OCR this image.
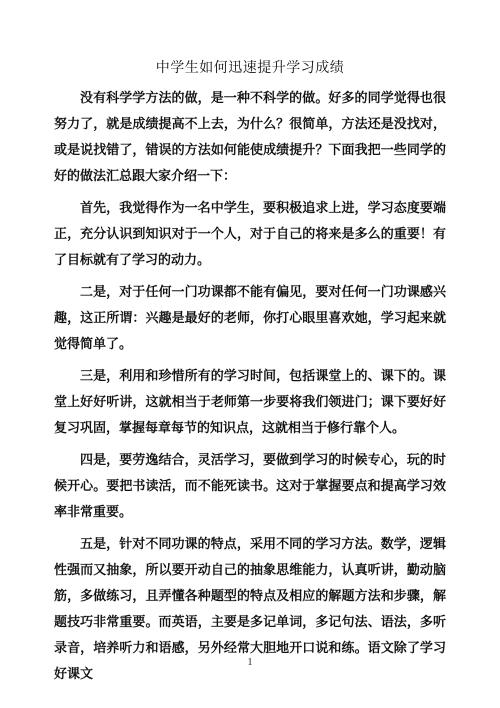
中学生如何迅速提升学习成绩

没有科学学方法的做，是一种不科学的做。好多的同学觉得也很努力了，就是成绩提高不上去，为什么？很简单，方法还是没找对，或是说找错了，错误的方法如何能使成绩提升？下面我把一些同学的好的做法汇总跟大家介绍一下：

首先，我觉得作为一名中学生，要积极追求上进，学习态度要端正，充分认识到知识对于一个人，对于自己的将来是多么的重要！有了目标就有了学习的动力。

二是，对于任何一门功课都不能有偏见，要对任何一门功课感兴趣，这正所谓：兴趣是最好的老师，你打心眼里喜欢她，学习起来就觉得简单了。

三是，利用和珍惜所有的学习时间，包括课堂上的、课下的。课堂上好好听讲，这就相当于老师第一步要将我们领进门；课下要好好复习巩固，掌握每章每节的知识点，这就相当于修行靠个人。

四是，要劳逸结合，灵活学习，要做到学习的时候专心，玩的时候开心。要把书读活，而不能死读书。这对于掌握要点和提高学习效率非常重要。

五是，针对不同功课的特点，采用不同的学习方法。数学，逻辑性强而又抽象，所以要开动自己的抽象思维能力，认真听讲，勤动脑筋，多做练习，且弄懂各种题型的特点及相应的解题方法和步骤，解题技巧非常重要。而英语，主要是多记单词，多记句法、语法，多听录音，培养听力和语感，另外经常大胆地开口说和练。语文除了学习好课文

1
